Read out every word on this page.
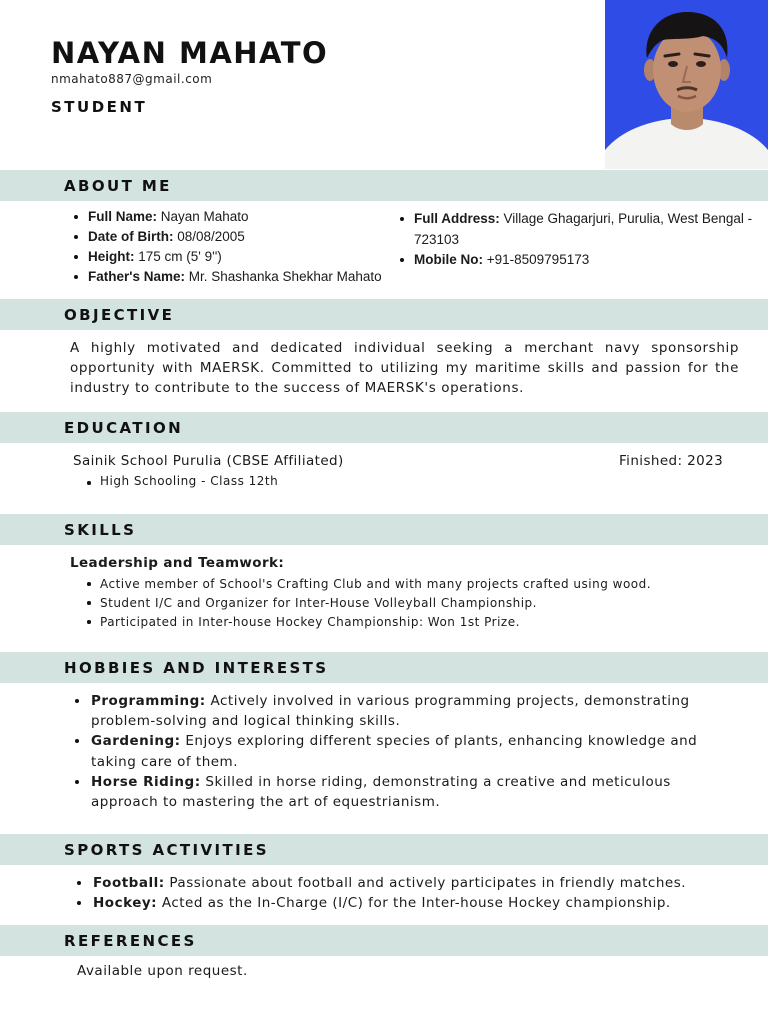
NAYAN MAHATO
nmahato887@gmail.com
STUDENT
ABOUT ME
Full Name: Nayan Mahato
Date of Birth: 08/08/2005
Height: 175 cm (5' 9'')
Father's Name: Mr. Shashanka Shekhar Mahato
Full Address: Village Ghagarjuri, Purulia, West Bengal - 723103
Mobile No: +91-8509795173
OBJECTIVE

A highly motivated and dedicated individual seeking a merchant navy sponsorship opportunity with MAERSK. Committed to utilizing my maritime skills and passion for the industry to contribute to the success of MAERSK's operations.

EDUCATION
Sainik School Purulia (CBSE Affiliated)	Finished: 2023
High Schooling - Class 12th
SKILLS
Leadership and Teamwork:
Active member of School's Crafting Club and with many projects crafted using wood.
Student I/C and Organizer for Inter-House Volleyball Championship.
Participated in Inter-house Hockey Championship: Won 1st Prize.
HOBBIES AND INTERESTS
Programming: Actively involved in various programming projects, demonstrating problem-solving and logical thinking skills.
Gardening: Enjoys exploring different species of plants, enhancing knowledge and taking care of them.
Horse Riding: Skilled in horse riding, demonstrating a creative and meticulous approach to mastering the art of equestrianism.
SPORTS ACTIVITIES
Football: Passionate about football and actively participates in friendly matches.
Hockey: Acted as the In-Charge (I/C) for the Inter-house Hockey championship.
REFERENCES
Available upon request.
